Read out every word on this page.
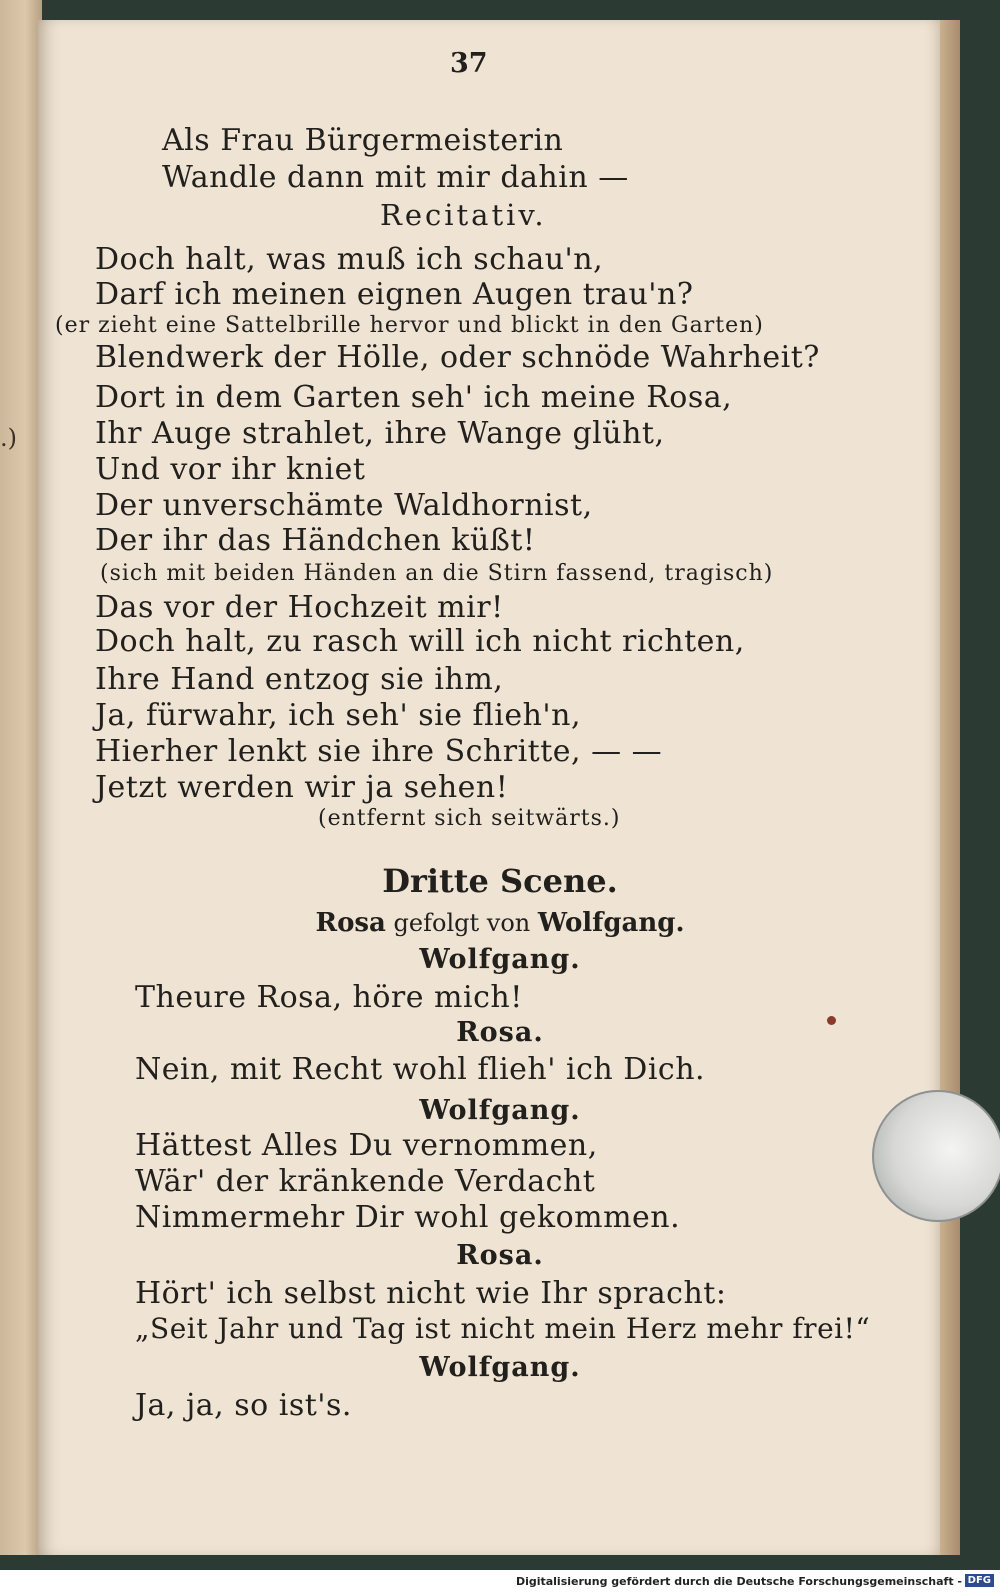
.)
37
Als Frau Bürgermeisterin
Wandle dann mit mir dahin —
Recitativ.
Doch halt, was muß ich schau'n,
Darf ich meinen eignen Augen trau'n?
(er zieht eine Sattelbrille hervor und blickt in den Garten)
Blendwerk der Hölle, oder schnöde Wahrheit?
Dort in dem Garten seh' ich meine Rosa,
Ihr Auge strahlet, ihre Wange glüht,
Und vor ihr kniet
Der unverschämte Waldhornist,
Der ihr das Händchen küßt!
(sich mit beiden Händen an die Stirn fassend, tragisch)
Das vor der Hochzeit mir!
Doch halt, zu rasch will ich nicht richten,
Ihre Hand entzog sie ihm,
Ja, fürwahr, ich seh' sie flieh'n,
Hierher lenkt sie ihre Schritte, — —
Jetzt werden wir ja sehen!
(entfernt sich seitwärts.)
Dritte Scene.
Rosa gefolgt von Wolfgang.
Wolfgang.
Theure Rosa, höre mich!
Rosa.
Nein, mit Recht wohl flieh' ich Dich.
Wolfgang.
Hättest Alles Du vernommen,
Wär' der kränkende Verdacht
Nimmermehr Dir wohl gekommen.
Rosa.
Hört' ich selbst nicht wie Ihr spracht:
„Seit Jahr und Tag ist nicht mein Herz mehr frei!“
Wolfgang.
Ja, ja, so ist's.
Digitalisierung gefördert durch die Deutsche Forschungsgemeinschaft - DFG
